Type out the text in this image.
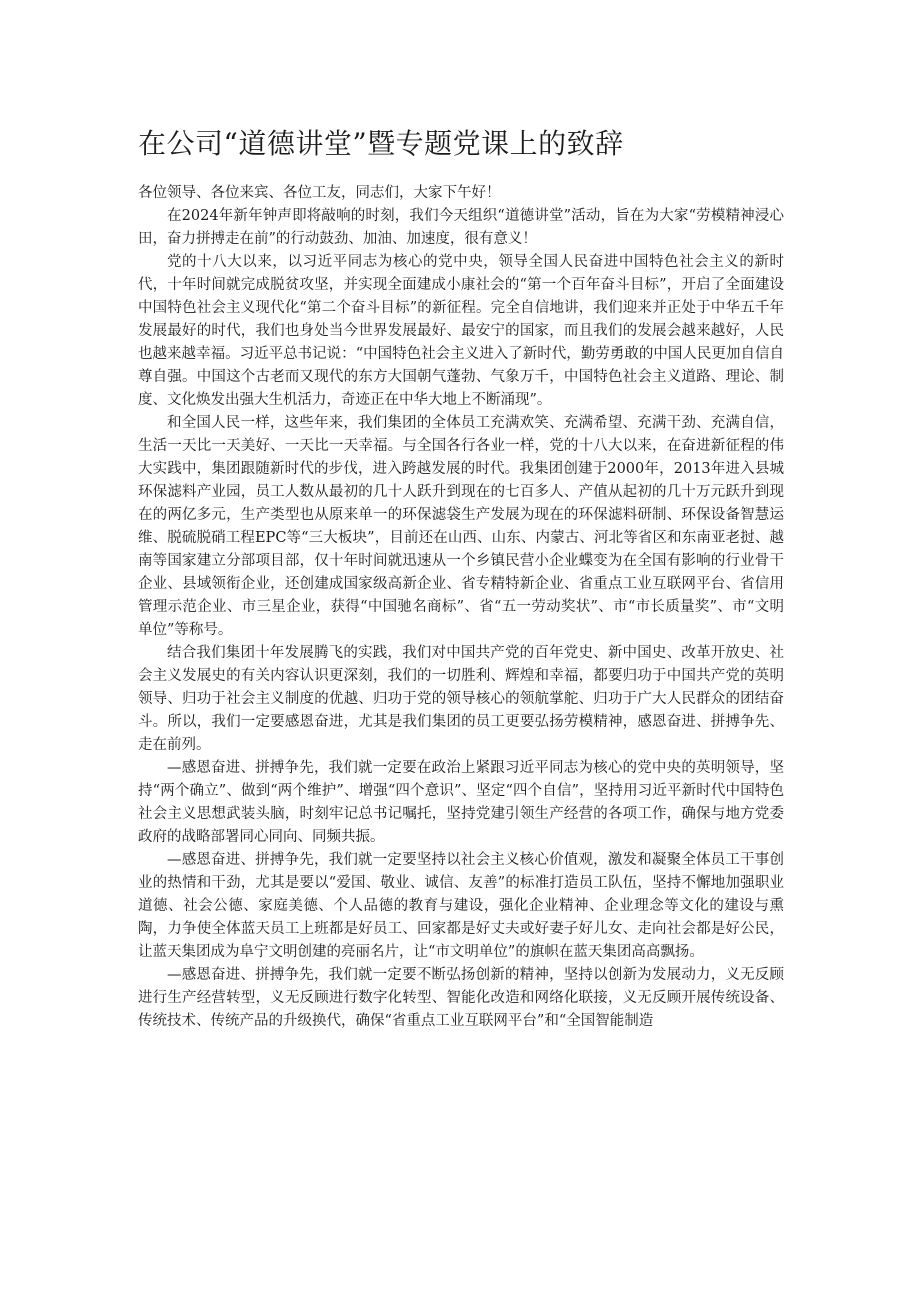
在公司“道德讲堂”暨专题党课上的致辞

各位领导、各位来宾、各位工友，同志们，大家下午好！

在2024年新年钟声即将敲响的时刻，我们今天组织“道德讲堂”活动，旨在为大家“劳模精神浸心田，奋力拼搏走在前”的行动鼓劲、加油、加速度，很有意义！

党的十八大以来，以习近平同志为核心的党中央，领导全国人民奋进中国特色社会主义的新时代，十年时间就完成脱贫攻坚，并实现全面建成小康社会的“第一个百年奋斗目标”，开启了全面建设中国特色社会主义现代化“第二个奋斗目标”的新征程。完全自信地讲，我们迎来并正处于中华五千年发展最好的时代，我们也身处当今世界发展最好、最安宁的国家，而且我们的发展会越来越好，人民也越来越幸福。习近平总书记说：“中国特色社会主义进入了新时代，勤劳勇敢的中国人民更加自信自尊自强。中国这个古老而又现代的东方大国朝气蓬勃、气象万千，中国特色社会主义道路、理论、制度、文化焕发出强大生机活力，奇迹正在中华大地上不断涌现”。

和全国人民一样，这些年来，我们集团的全体员工充满欢笑、充满希望、充满干劲、充满自信，生活一天比一天美好、一天比一天幸福。与全国各行各业一样，党的十八大以来，在奋进新征程的伟大实践中，集团跟随新时代的步伐，进入跨越发展的时代。我集团创建于2000年，2013年进入县城环保滤料产业园，员工人数从最初的几十人跃升到现在的七百多人、产值从起初的几十万元跃升到现在的两亿多元，生产类型也从原来单一的环保滤袋生产发展为现在的环保滤料研制、环保设备智慧运维、脱硫脱硝工程EPC等“三大板块”，目前还在山西、山东、内蒙古、河北等省区和东南亚老挝、越南等国家建立分部项目部，仅十年时间就迅速从一个乡镇民营小企业蝶变为在全国有影响的行业骨干企业、县域领衔企业，还创建成国家级高新企业、省专精特新企业、省重点工业互联网平台、省信用管理示范企业、市三星企业，获得“中国驰名商标”、省“五一劳动奖状”、市“市长质量奖”、市“文明单位”等称号。

结合我们集团十年发展腾飞的实践，我们对中国共产党的百年党史、新中国史、改革开放史、社会主义发展史的有关内容认识更深刻，我们的一切胜利、辉煌和幸福，都要归功于中国共产党的英明领导、归功于社会主义制度的优越、归功于党的领导核心的领航掌舵、归功于广大人民群众的团结奋斗。所以，我们一定要感恩奋进，尤其是我们集团的员工更要弘扬劳模精神，感恩奋进、拼搏争先、走在前列。

—感恩奋进、拼搏争先，我们就一定要在政治上紧跟习近平同志为核心的党中央的英明领导，坚持“两个确立”、做到“两个维护”、增强“四个意识”、坚定“四个自信”，坚持用习近平新时代中国特色社会主义思想武装头脑，时刻牢记总书记嘱托，坚持党建引领生产经营的各项工作，确保与地方党委政府的战略部署同心同向、同频共振。

—感恩奋进、拼搏争先，我们就一定要坚持以社会主义核心价值观，激发和凝聚全体员工干事创业的热情和干劲，尤其是要以“爱国、敬业、诚信、友善”的标准打造员工队伍，坚持不懈地加强职业道德、社会公德、家庭美德、个人品德的教育与建设，强化企业精神、企业理念等文化的建设与熏陶，力争使全体蓝天员工上班都是好员工、回家都是好丈夫或好妻子好儿女、走向社会都是好公民，让蓝天集团成为阜宁文明创建的亮丽名片，让“市文明单位”的旗帜在蓝天集团高高飘扬。

—感恩奋进、拼搏争先，我们就一定要不断弘扬创新的精神，坚持以创新为发展动力，义无反顾进行生产经营转型，义无反顾进行数字化转型、智能化改造和网络化联接，义无反顾开展传统设备、传统技术、传统产品的升级换代，确保“省重点工业互联网平台”和“全国智能制造
